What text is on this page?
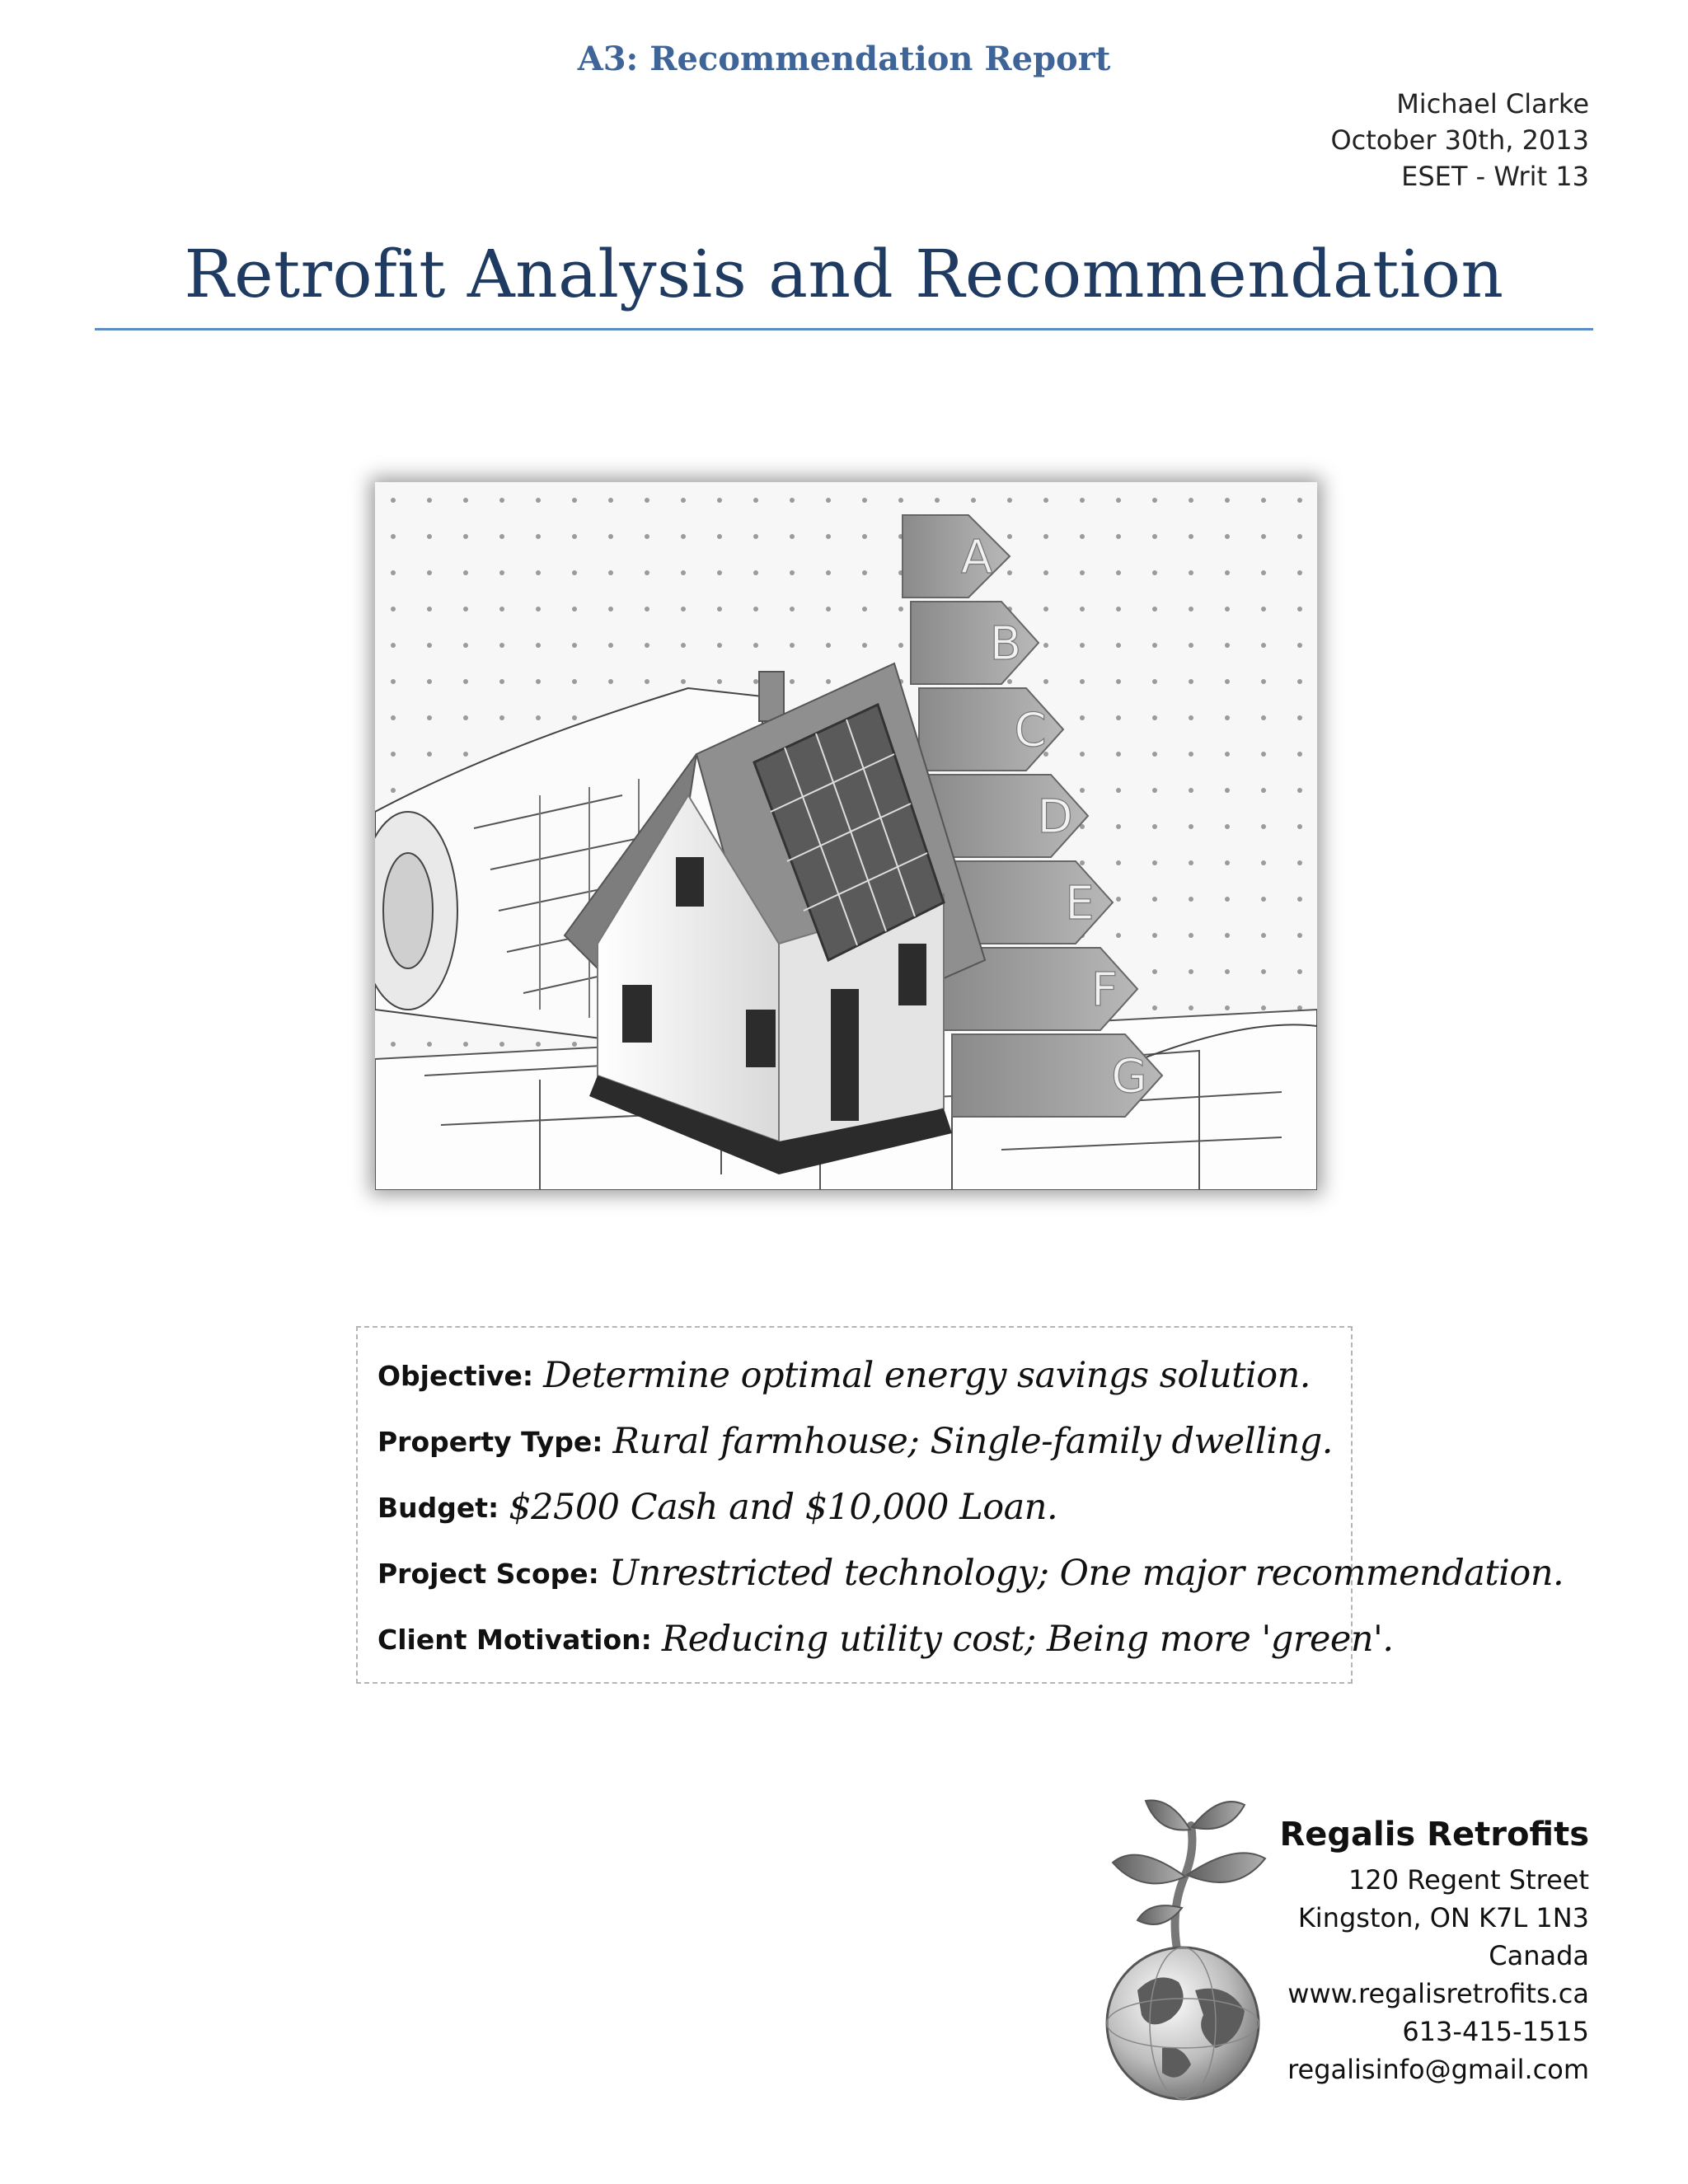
A3: Recommendation Report
Michael Clarke
October 30th, 2013
ESET - Writ 13
Retrofit Analysis and Recommendation
A
B
C
D
E
F
G
Objective: Determine optimal energy savings solution.
Property Type: Rural farmhouse; Single-family dwelling.
Budget: $2500 Cash and $10,000 Loan.
Project Scope: Unrestricted technology; One major recommendation.
Client Motivation: Reducing utility cost; Being more 'green'.
Regalis Retrofits
120 Regent Street
Kingston, ON K7L 1N3
Canada
www.regalisretrofits.ca
613-415-1515
regalisinfo@gmail.com
